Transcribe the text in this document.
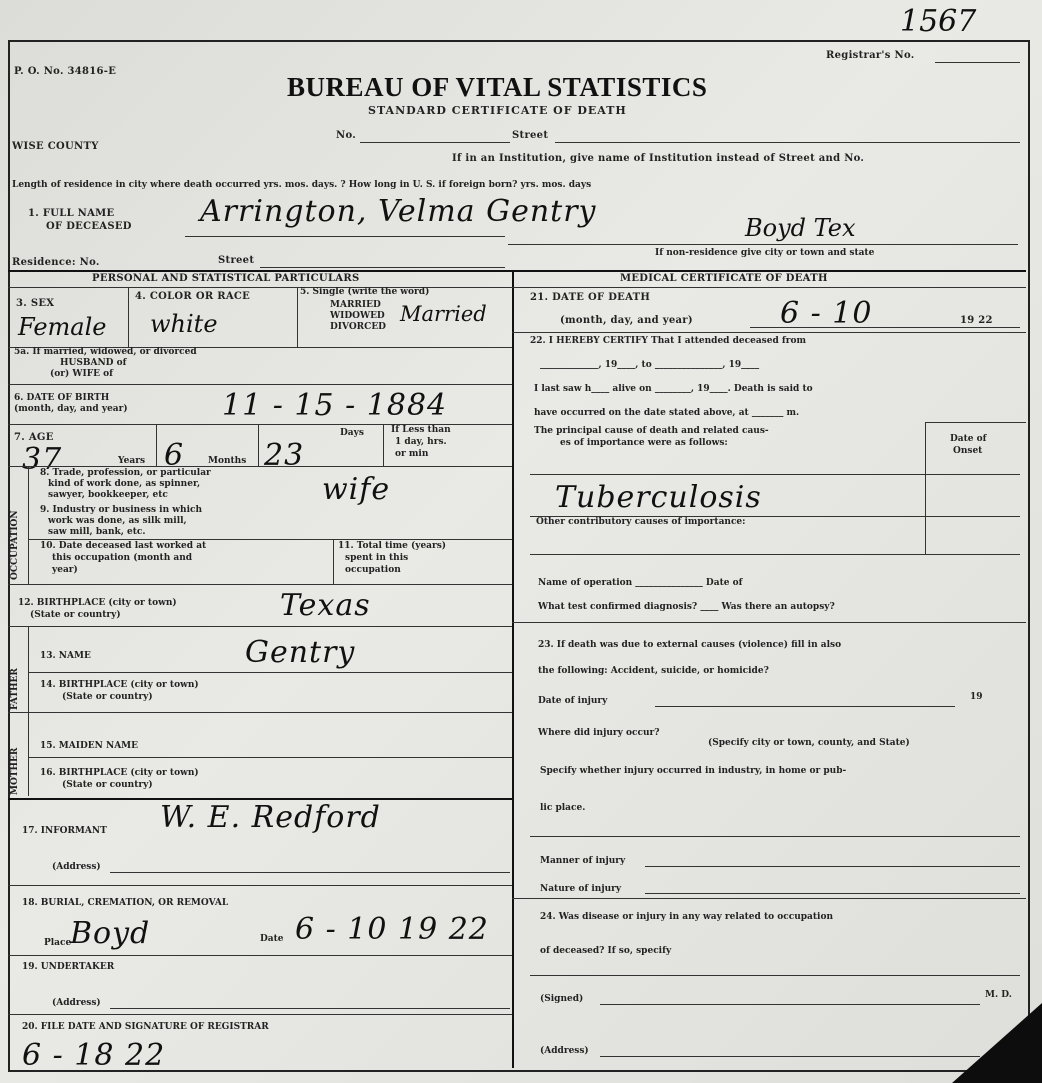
1567
P. O. No. 34816-E
Registrar's No.
BUREAU OF VITAL STATISTICS
STANDARD CERTIFICATE OF DEATH
WISE COUNTY
No.	Street
If in an Institution, give name of Institution instead of Street and No.
Length of residence in city where death occurred yrs. mos. days. ? How long in U. S. if foreign born? yrs. mos. days
1. FULL NAME
OF DECEASED Arrington, Velma Gentry	Boyd Tex
If non-residence give city or town and state
Residence: No.	Street
PERSONAL AND STATISTICAL PARTICULARS	MEDICAL CERTIFICATE OF DEATH
3. SEX
Female
4. COLOR OR RACE
white
5. Single (write the word)
MARRIED
WIDOWED
DIVORCED
Married
5a. If married, widowed, or divorced
HUSBAND of
(or) WIFE of
6. DATE OF BIRTH
(month, day, and year)	11 - 15 - 1884
7. AGE
37	Years 6	Months 23
Days	If Less than
1 day, hrs.
or min
OCCUPATION
8. Trade, profession, or particular
kind of work done, as spinner,
sawyer, bookkeeper, etc	wife
9. Industry or business in which
work was done, as silk mill,
saw mill, bank, etc.
10. Date deceased last worked at
this occupation (month and
year)
11. Total time (years)
spent in this
occupation
12. BIRTHPLACE (city or town)
(State or country)	Texas
FATHER
13. NAME	Gentry
14. BIRTHPLACE (city or town)
(State or country)
MOTHER
15. MAIDEN NAME
16. BIRTHPLACE (city or town)
(State or country)
17. INFORMANT W. E. Redford
(Address)
18. BURIAL, CREMATION, OR REMOVAL
Place
Boyd	Date 6 - 10 19 22
19. UNDERTAKER
(Address)
20. FILE DATE AND SIGNATURE OF REGISTRAR
6 - 18 22
21. DATE OF DEATH
(month, day, and year)	6 - 10	19 22
22. I HEREBY CERTIFY That I attended deceased from
_____________, 19____, to _______________, 19____
I last saw h____ alive on ________, 19____. Death is said to
have occurred on the date stated above, at _______ m.
The principal cause of death and related caus-
es of importance were as follows:	Date of
Onset
Tuberculosis
Other contributory causes of importance:
Name of operation _______________ Date of
What test confirmed diagnosis? ____ Was there an autopsy?
23. If death was due to external causes (violence) fill in also
the following: Accident, suicide, or homicide?
Date of injury	19
Where did injury occur?
(Specify city or town, county, and State)
Specify whether injury occurred in industry, in home or pub-
lic place.
Manner of injury
Nature of injury
24. Was disease or injury in any way related to occupation
of deceased? If so, specify
(Signed)	M. D.
(Address)
